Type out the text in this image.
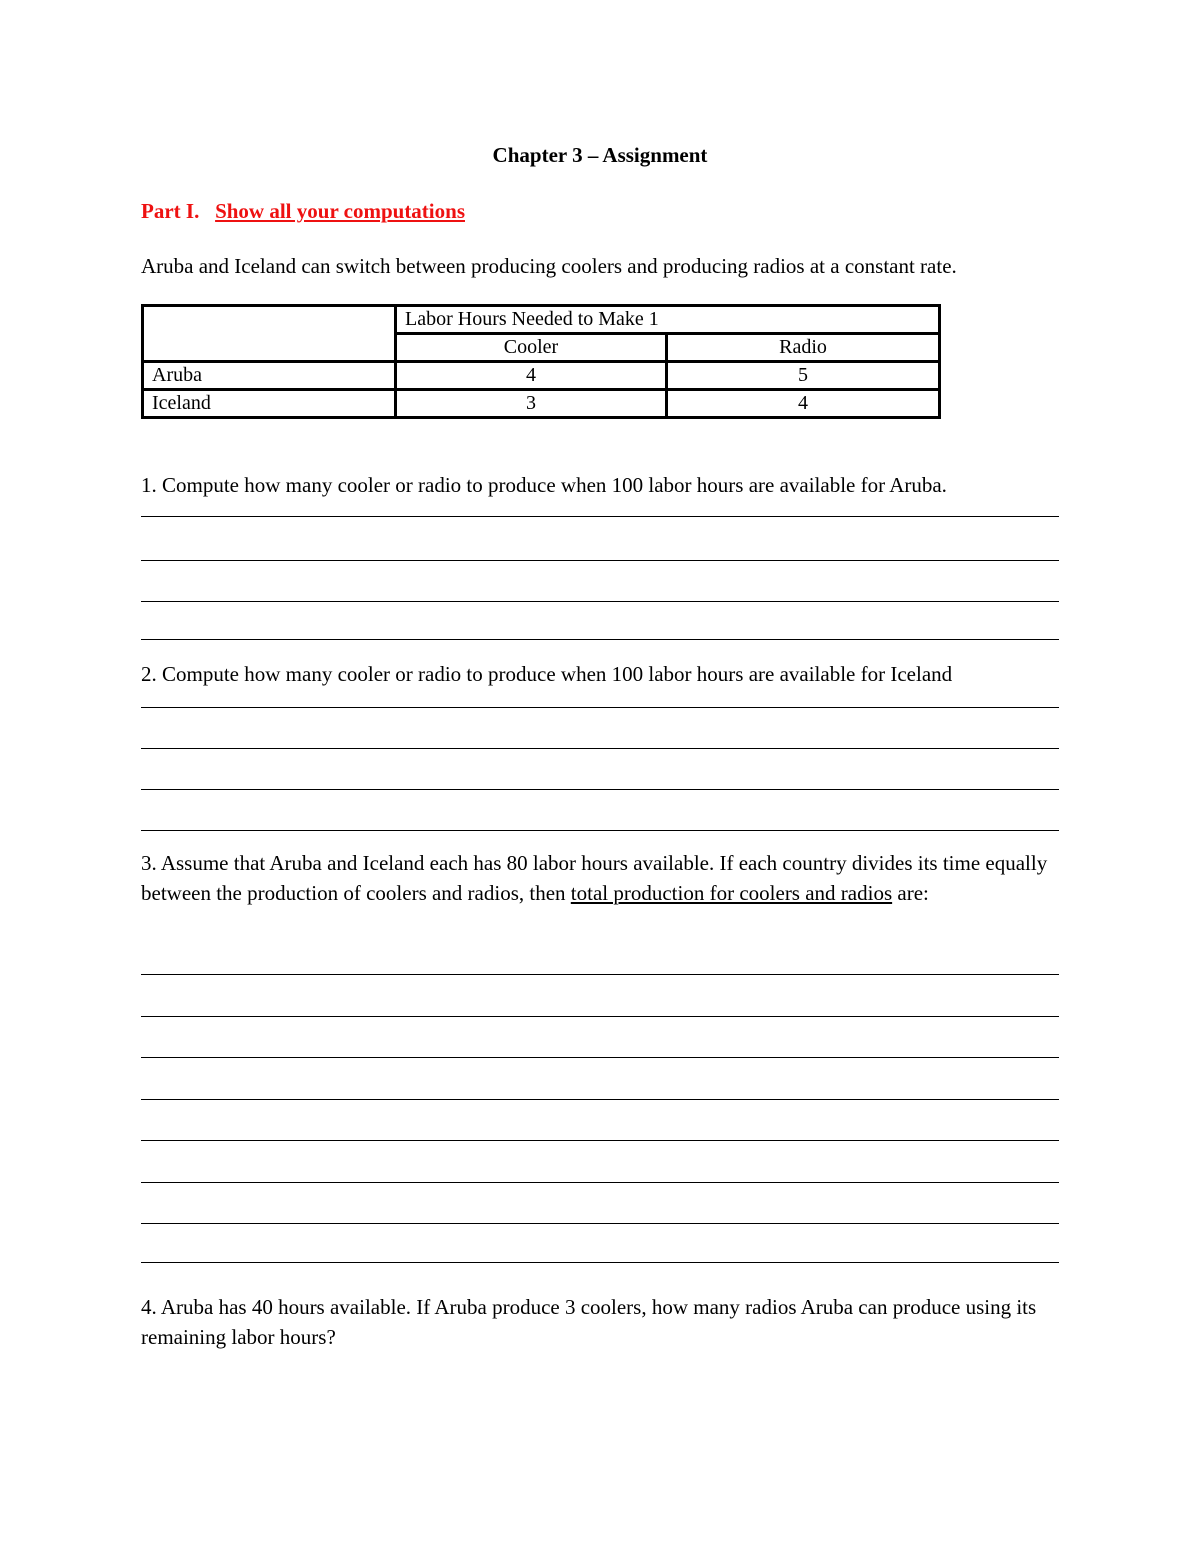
Chapter 3 – Assignment
Part I. Show all your computations
Aruba and Iceland can switch between producing coolers and producing radios at a constant rate.
	Labor Hours Needed to Make 1	
	Cooler	Radio
Aruba	4	5
Iceland	3	4
1. Compute how many cooler or radio to produce when 100 labor hours are available for Aruba.
2. Compute how many cooler or radio to produce when 100 labor hours are available for Iceland
3. Assume that Aruba and Iceland each has 80 labor hours available. If each country divides its time equally between the production of coolers and radios, then total production for coolers and radios are:
4. Aruba has 40 hours available. If Aruba produce 3 coolers, how many radios Aruba can produce using its remaining labor hours?
